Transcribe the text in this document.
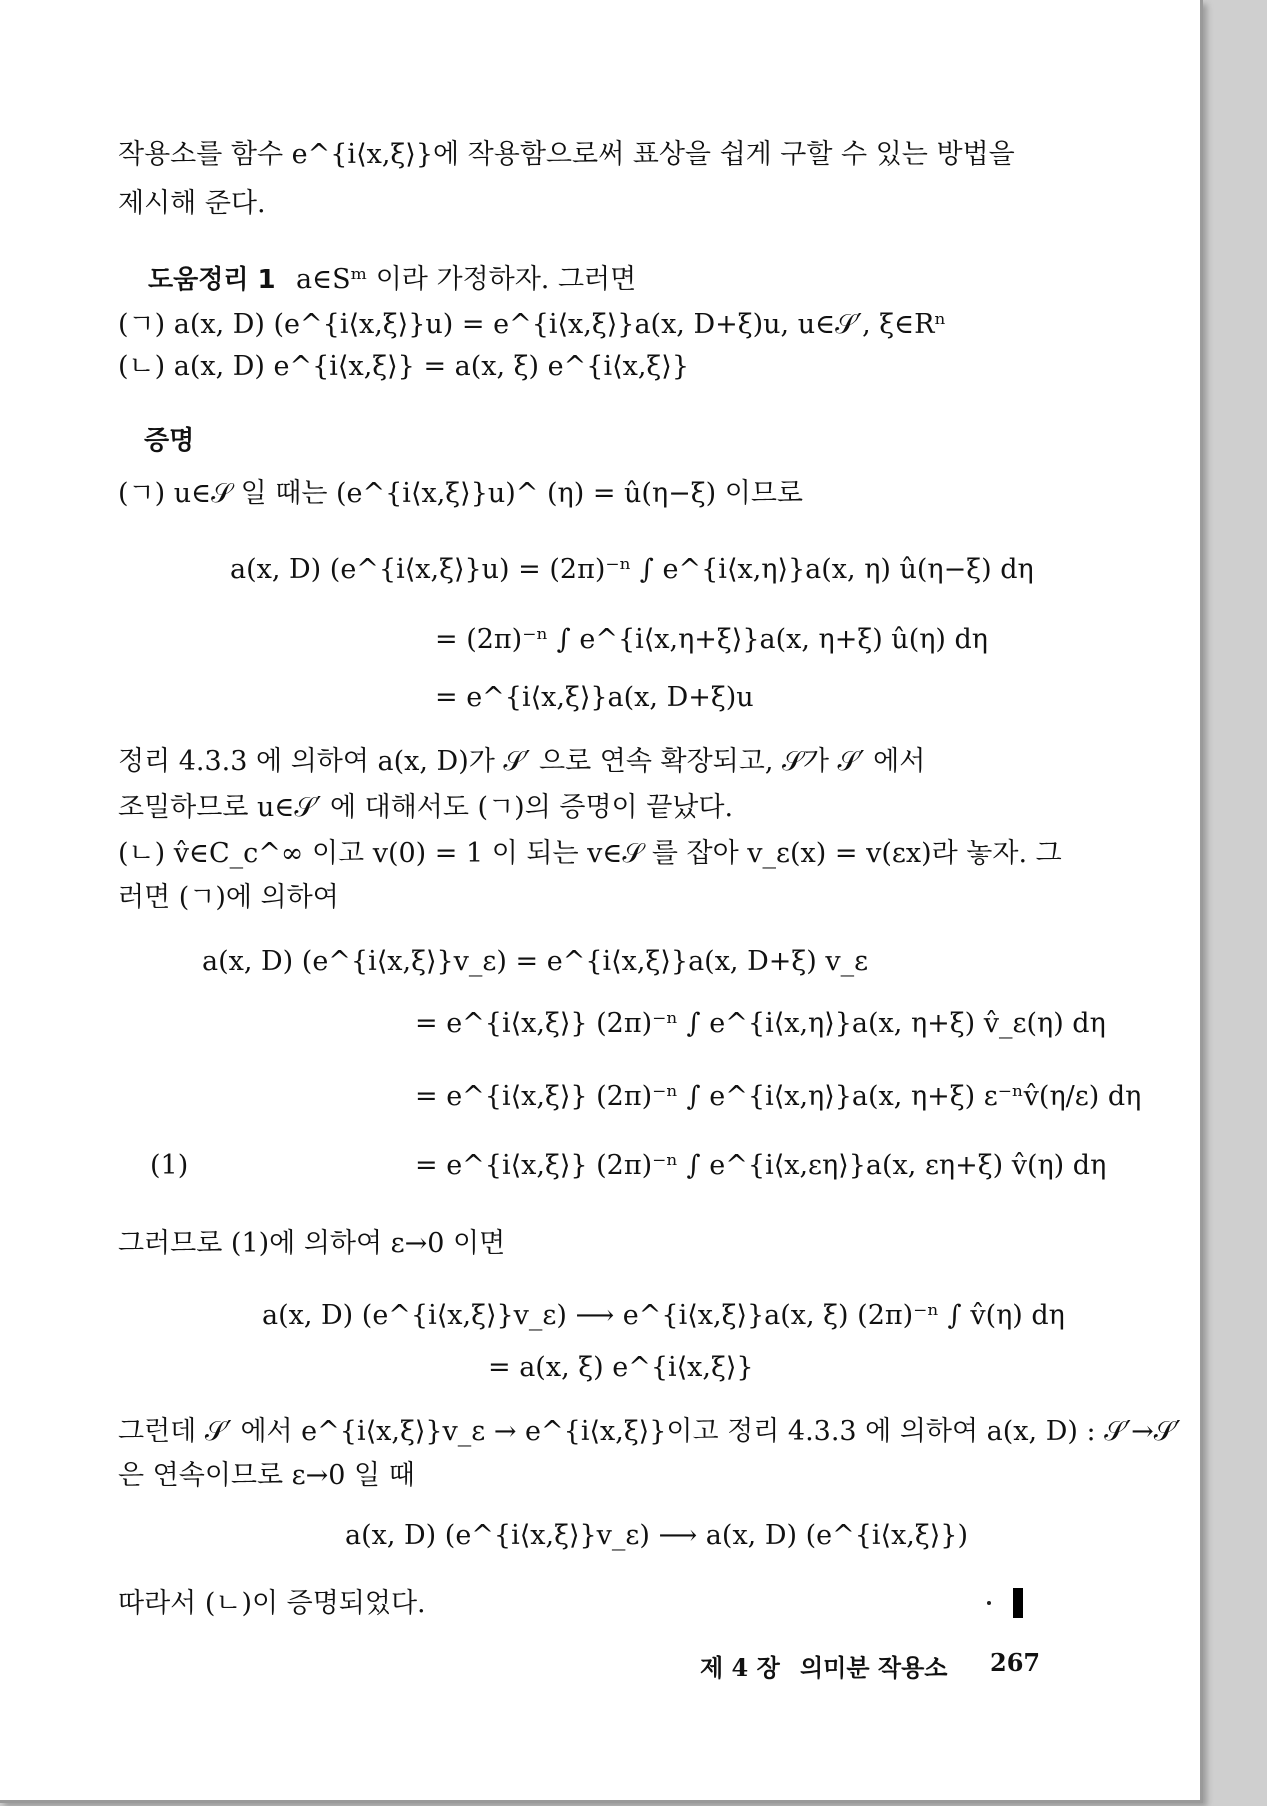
작용소를 함수 e^{i⟨x,ξ⟩}에 작용함으로써 표상을 쉽게 구할 수 있는 방법을
제시해 준다.
도움정리 1 a∈Sᵐ 이라 가정하자. 그러면
(ㄱ) a(x, D) (e^{i⟨x,ξ⟩}u) = e^{i⟨x,ξ⟩}a(x, D+ξ)u, u∈𝒮′, ξ∈Rⁿ
(ㄴ) a(x, D) e^{i⟨x,ξ⟩} = a(x, ξ) e^{i⟨x,ξ⟩}
증명
(ㄱ) u∈𝒮 일 때는 (e^{i⟨x,ξ⟩}u)^ (η) = û(η−ξ) 이므로
a(x, D) (e^{i⟨x,ξ⟩}u) = (2π)⁻ⁿ ∫ e^{i⟨x,η⟩}a(x, η) û(η−ξ) dη
= (2π)⁻ⁿ ∫ e^{i⟨x,η+ξ⟩}a(x, η+ξ) û(η) dη
= e^{i⟨x,ξ⟩}a(x, D+ξ)u
정리 4.3.3 에 의하여 a(x, D)가 𝒮′ 으로 연속 확장되고, 𝒮가 𝒮′ 에서
조밀하므로 u∈𝒮′ 에 대해서도 (ㄱ)의 증명이 끝났다.
(ㄴ) v̂∈C_c^∞ 이고 v(0) = 1 이 되는 v∈𝒮 를 잡아 v_ε(x) = v(εx)라 놓자. 그
러면 (ㄱ)에 의하여
a(x, D) (e^{i⟨x,ξ⟩}v_ε) = e^{i⟨x,ξ⟩}a(x, D+ξ) v_ε
= e^{i⟨x,ξ⟩} (2π)⁻ⁿ ∫ e^{i⟨x,η⟩}a(x, η+ξ) v̂_ε(η) dη
= e^{i⟨x,ξ⟩} (2π)⁻ⁿ ∫ e^{i⟨x,η⟩}a(x, η+ξ) ε⁻ⁿv̂(η/ε) dη
(1)	= e^{i⟨x,ξ⟩} (2π)⁻ⁿ ∫ e^{i⟨x,εη⟩}a(x, εη+ξ) v̂(η) dη
그러므로 (1)에 의하여 ε→0 이면
a(x, D) (e^{i⟨x,ξ⟩}v_ε) ⟶ e^{i⟨x,ξ⟩}a(x, ξ) (2π)⁻ⁿ ∫ v̂(η) dη
= a(x, ξ) e^{i⟨x,ξ⟩}
그런데 𝒮′ 에서 e^{i⟨x,ξ⟩}v_ε → e^{i⟨x,ξ⟩}이고 정리 4.3.3 에 의하여 a(x, D) : 𝒮′→𝒮′
은 연속이므로 ε→0 일 때
a(x, D) (e^{i⟨x,ξ⟩}v_ε) ⟶ a(x, D) (e^{i⟨x,ξ⟩})
따라서 (ㄴ)이 증명되었다.
제 4 장 의미분 작용소 267
